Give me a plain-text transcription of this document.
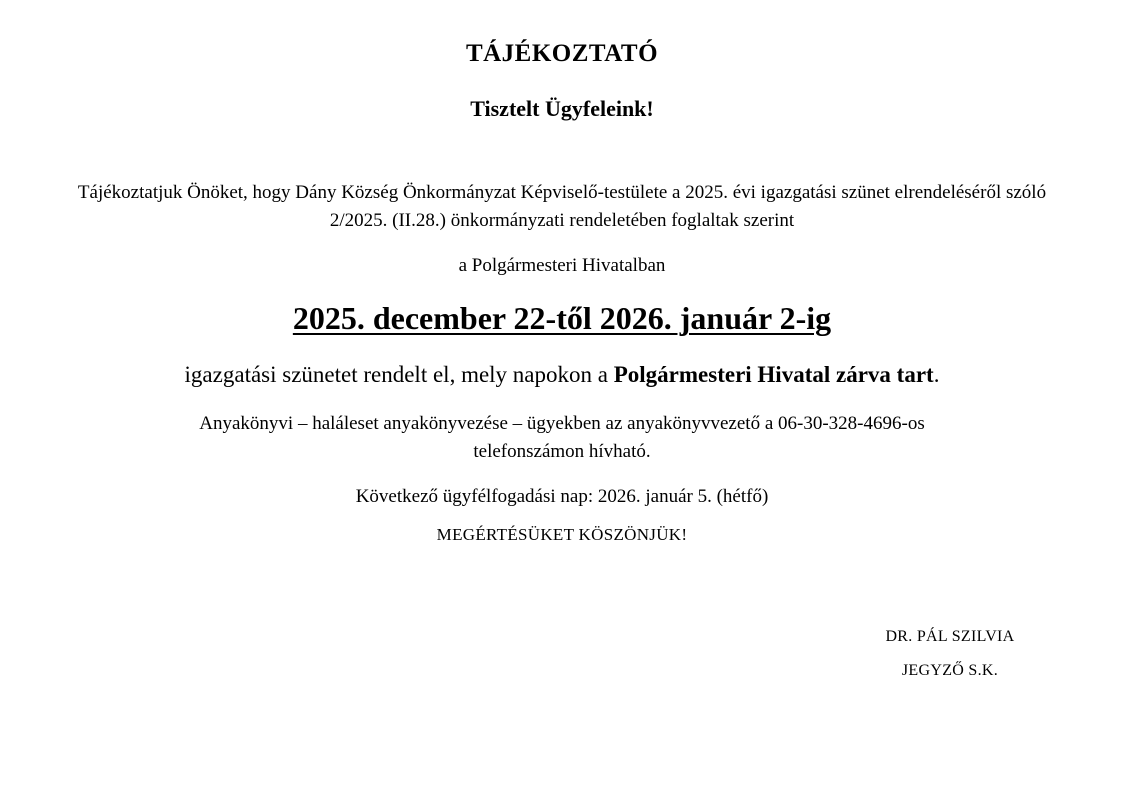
TÁJÉKOZTATÓ
Tisztelt Ügyfeleink!
Tájékoztatjuk Önöket, hogy Dány Község Önkormányzat Képviselő-testülete a 2025. évi igazgatási szünet elrendeléséről szóló 2/2025. (II.28.) önkormányzati rendeletében foglaltak szerint
a Polgármesteri Hivatalban
2025. december 22-től 2026. január 2-ig
igazgatási szünetet rendelt el, mely napokon a Polgármesteri Hivatal zárva tart.
Anyakönyvi – haláleset anyakönyvezése – ügyekben az anyakönyvvezető a 06-30-328-4696-os
telefonszámon hívható.
Következő ügyfélfogadási nap: 2026. január 5. (hétfő)
MEGÉRTÉSÜKET KÖSZÖNJÜK!
DR. PÁL SZILVIA
JEGYZŐ S.K.
